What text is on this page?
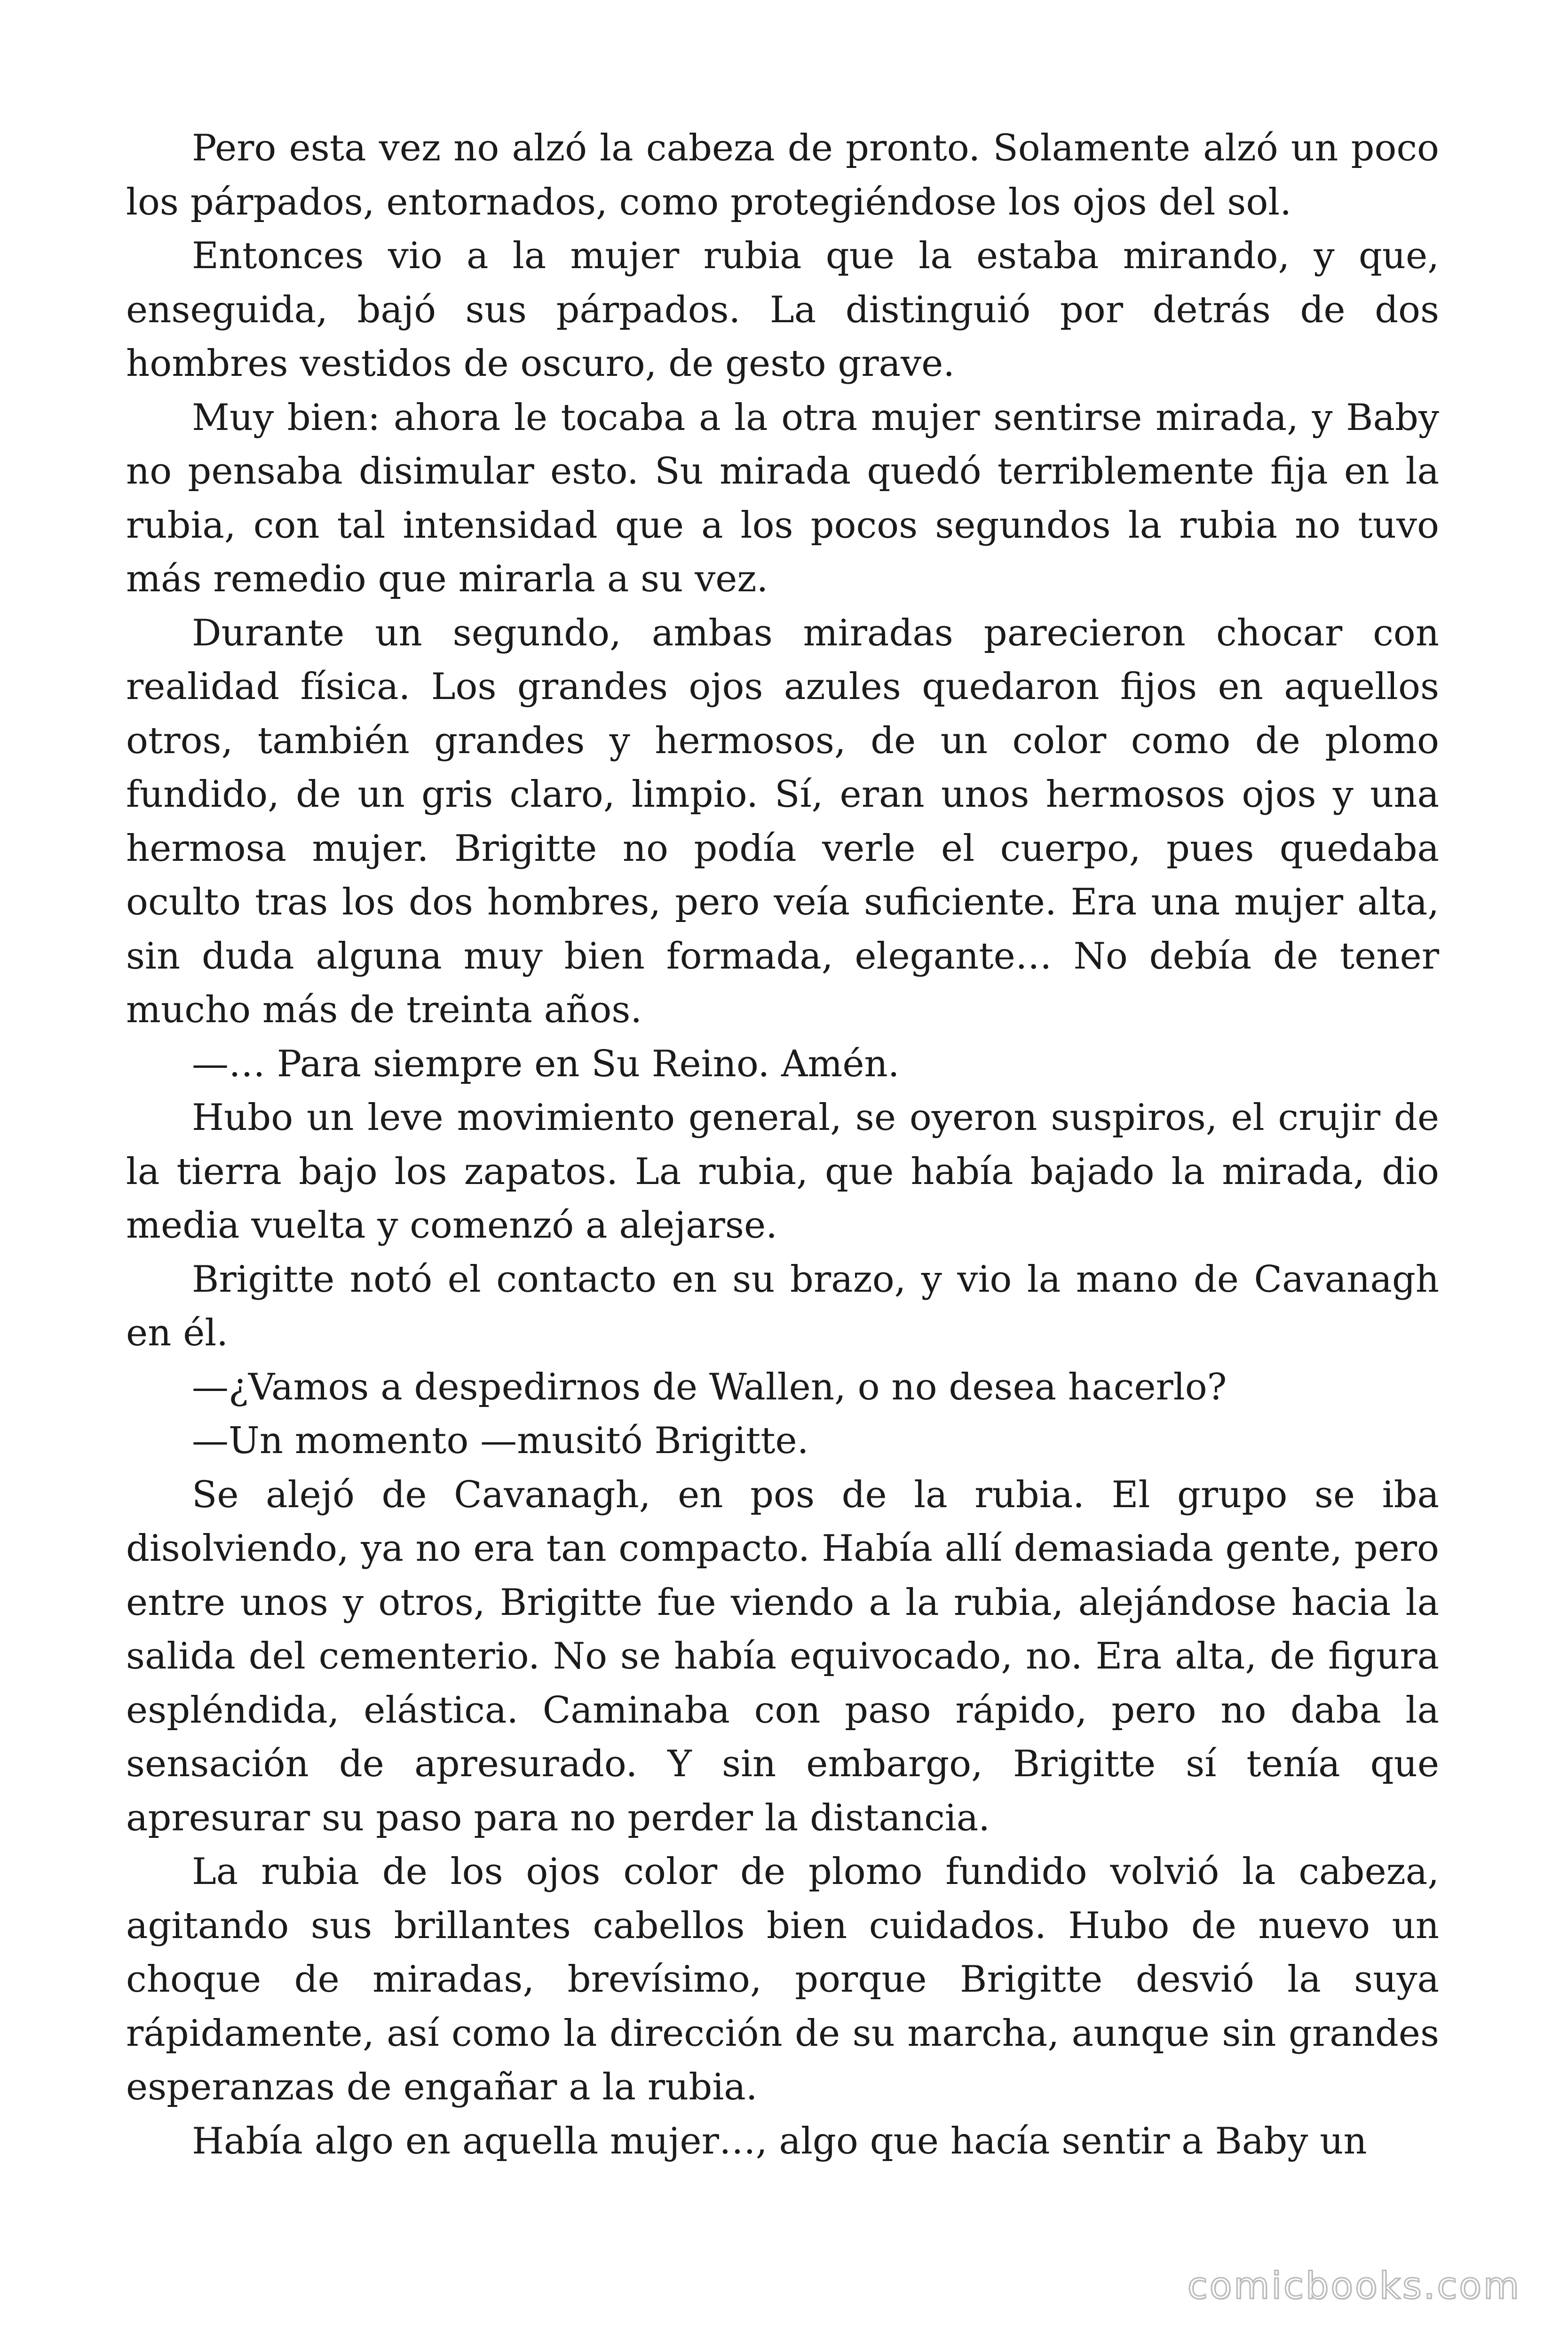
Pero esta vez no alzó la cabeza de pronto. Solamente alzó un poco los párpados, entornados, como protegiéndose los ojos del sol.

Entonces vio a la mujer rubia que la estaba mirando, y que, enseguida, bajó sus párpados. La distinguió por detrás de dos hombres vestidos de oscuro, de gesto grave.

Muy bien: ahora le tocaba a la otra mujer sentirse mirada, y Baby no pensaba disimular esto. Su mirada quedó terriblemente fija en la rubia, con tal intensidad que a los pocos segundos la rubia no tuvo más remedio que mirarla a su vez.

Durante un segundo, ambas miradas parecieron chocar con realidad física. Los grandes ojos azules quedaron fijos en aquellos otros, también grandes y hermosos, de un color como de plomo fundido, de un gris claro, limpio. Sí, eran unos hermosos ojos y una hermosa mujer. Brigitte no podía verle el cuerpo, pues quedaba oculto tras los dos hombres, pero veía suficiente. Era una mujer alta, sin duda alguna muy bien formada, elegante… No debía de tener mucho más de treinta años.

—… Para siempre en Su Reino. Amén.

Hubo un leve movimiento general, se oyeron suspiros, el crujir de la tierra bajo los zapatos. La rubia, que había bajado la mirada, dio media vuelta y comenzó a alejarse.

Brigitte notó el contacto en su brazo, y vio la mano de Cavanagh en él.

—¿Vamos a despedirnos de Wallen, o no desea hacerlo?

—Un momento —musitó Brigitte.

Se alejó de Cavanagh, en pos de la rubia. El grupo se iba disolviendo, ya no era tan compacto. Había allí demasiada gente, pero entre unos y otros, Brigitte fue viendo a la rubia, alejándose hacia la salida del cementerio. No se había equivocado, no. Era alta, de figura espléndida, elástica. Caminaba con paso rápido, pero no daba la sensación de apresurado. Y sin embargo, Brigitte sí tenía que apresurar su paso para no perder la distancia.

La rubia de los ojos color de plomo fundido volvió la cabeza, agitando sus brillantes cabellos bien cuidados. Hubo de nuevo un choque de miradas, brevísimo, porque Brigitte desvió la suya rápidamente, así como la dirección de su marcha, aunque sin grandes esperanzas de engañar a la rubia.

Había algo en aquella mujer…, algo que hacía sentir a Baby un

comicbooks.com
